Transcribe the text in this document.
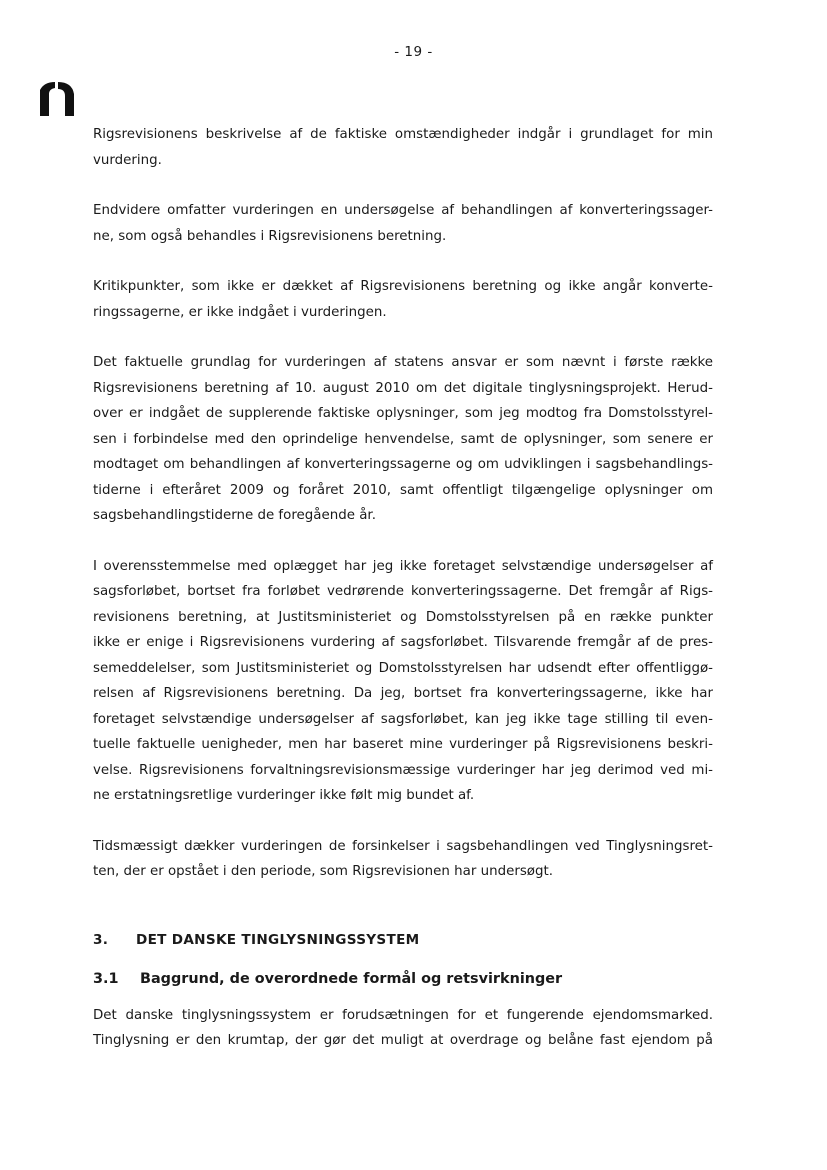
- 19 -

Rigsrevisionens beskrivelse af de faktiske omstændigheder indgår i grundlaget for min
vurdering.

Endvidere omfatter vurderingen en undersøgelse af behandlingen af konverteringssager-
ne, som også behandles i Rigsrevisionens beretning.

Kritikpunkter, som ikke er dækket af Rigsrevisionens beretning og ikke angår konverte-
ringssagerne, er ikke indgået i vurderingen.

Det faktuelle grundlag for vurderingen af statens ansvar er som nævnt i første række
Rigsrevisionens beretning af 10. august 2010 om det digitale tinglysningsprojekt. Herud-
over er indgået de supplerende faktiske oplysninger, som jeg modtog fra Domstolsstyrel-
sen i forbindelse med den oprindelige henvendelse, samt de oplysninger, som senere er
modtaget om behandlingen af konverteringssagerne og om udviklingen i sagsbehandlings-
tiderne i efteråret 2009 og foråret 2010, samt offentligt tilgængelige oplysninger om
sagsbehandlingstiderne de foregående år.

I overensstemmelse med oplægget har jeg ikke foretaget selvstændige undersøgelser af
sagsforløbet, bortset fra forløbet vedrørende konverteringssagerne. Det fremgår af Rigs-
revisionens beretning, at Justitsministeriet og Domstolsstyrelsen på en række punkter
ikke er enige i Rigsrevisionens vurdering af sagsforløbet. Tilsvarende fremgår af de pres-
semeddelelser, som Justitsministeriet og Domstolsstyrelsen har udsendt efter offentliggø-
relsen af Rigsrevisionens beretning. Da jeg, bortset fra konverteringssagerne, ikke har
foretaget selvstændige undersøgelser af sagsforløbet, kan jeg ikke tage stilling til even-
tuelle faktuelle uenigheder, men har baseret mine vurderinger på Rigsrevisionens beskri-
velse. Rigsrevisionens forvaltningsrevisionsmæssige vurderinger har jeg derimod ved mi-
ne erstatningsretlige vurderinger ikke følt mig bundet af.

Tidsmæssigt dækker vurderingen de forsinkelser i sagsbehandlingen ved Tinglysningsret-
ten, der er opstået i den periode, som Rigsrevisionen har undersøgt.

3. DET DANSKE TINGLYSNINGSSYSTEM
3.1 Baggrund, de overordnede formål og retsvirkninger

Det danske tinglysningssystem er forudsætningen for et fungerende ejendomsmarked.
Tinglysning er den krumtap, der gør det muligt at overdrage og belåne fast ejendom på
